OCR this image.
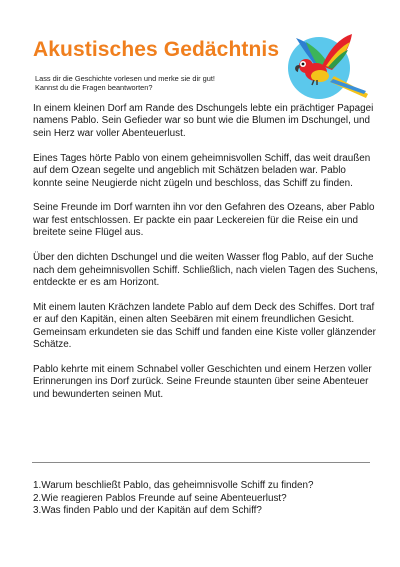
Akustisches Gedächtnis
Lass dir die Geschichte vorlesen und merke sie dir gut!
Kannst du die Fragen beantworten?

In einem kleinen Dorf am Rande des Dschungels lebte ein prächtiger Papagei namens Pablo. Sein Gefieder war so bunt wie die Blumen im Dschungel, und sein Herz war voller Abenteuerlust.

Eines Tages hörte Pablo von einem geheimnisvollen Schiff, das weit draußen auf dem Ozean segelte und angeblich mit Schätzen beladen war. Pablo konnte seine Neugierde nicht zügeln und beschloss, das Schiff zu finden.

Seine Freunde im Dorf warnten ihn vor den Gefahren des Ozeans, aber Pablo war fest entschlossen. Er packte ein paar Leckereien für die Reise ein und breitete seine Flügel aus.

Über den dichten Dschungel und die weiten Wasser flog Pablo, auf der Suche nach dem geheimnisvollen Schiff. Schließlich, nach vielen Tagen des Suchens, entdeckte er es am Horizont.

Mit einem lauten Krächzen landete Pablo auf dem Deck des Schiffes. Dort traf er auf den Kapitän, einen alten Seebären mit einem freundlichen Gesicht. Gemeinsam erkundeten sie das Schiff und fanden eine Kiste voller glänzender Schätze.

Pablo kehrte mit einem Schnabel voller Geschichten und einem Herzen voller Erinnerungen ins Dorf zurück. Seine Freunde staunten über seine Abenteuer und bewunderten seinen Mut.

1.Warum beschließt Pablo, das geheimnisvolle Schiff zu finden?
2.Wie reagieren Pablos Freunde auf seine Abenteuerlust?
3.Was finden Pablo und der Kapitän auf dem Schiff?
